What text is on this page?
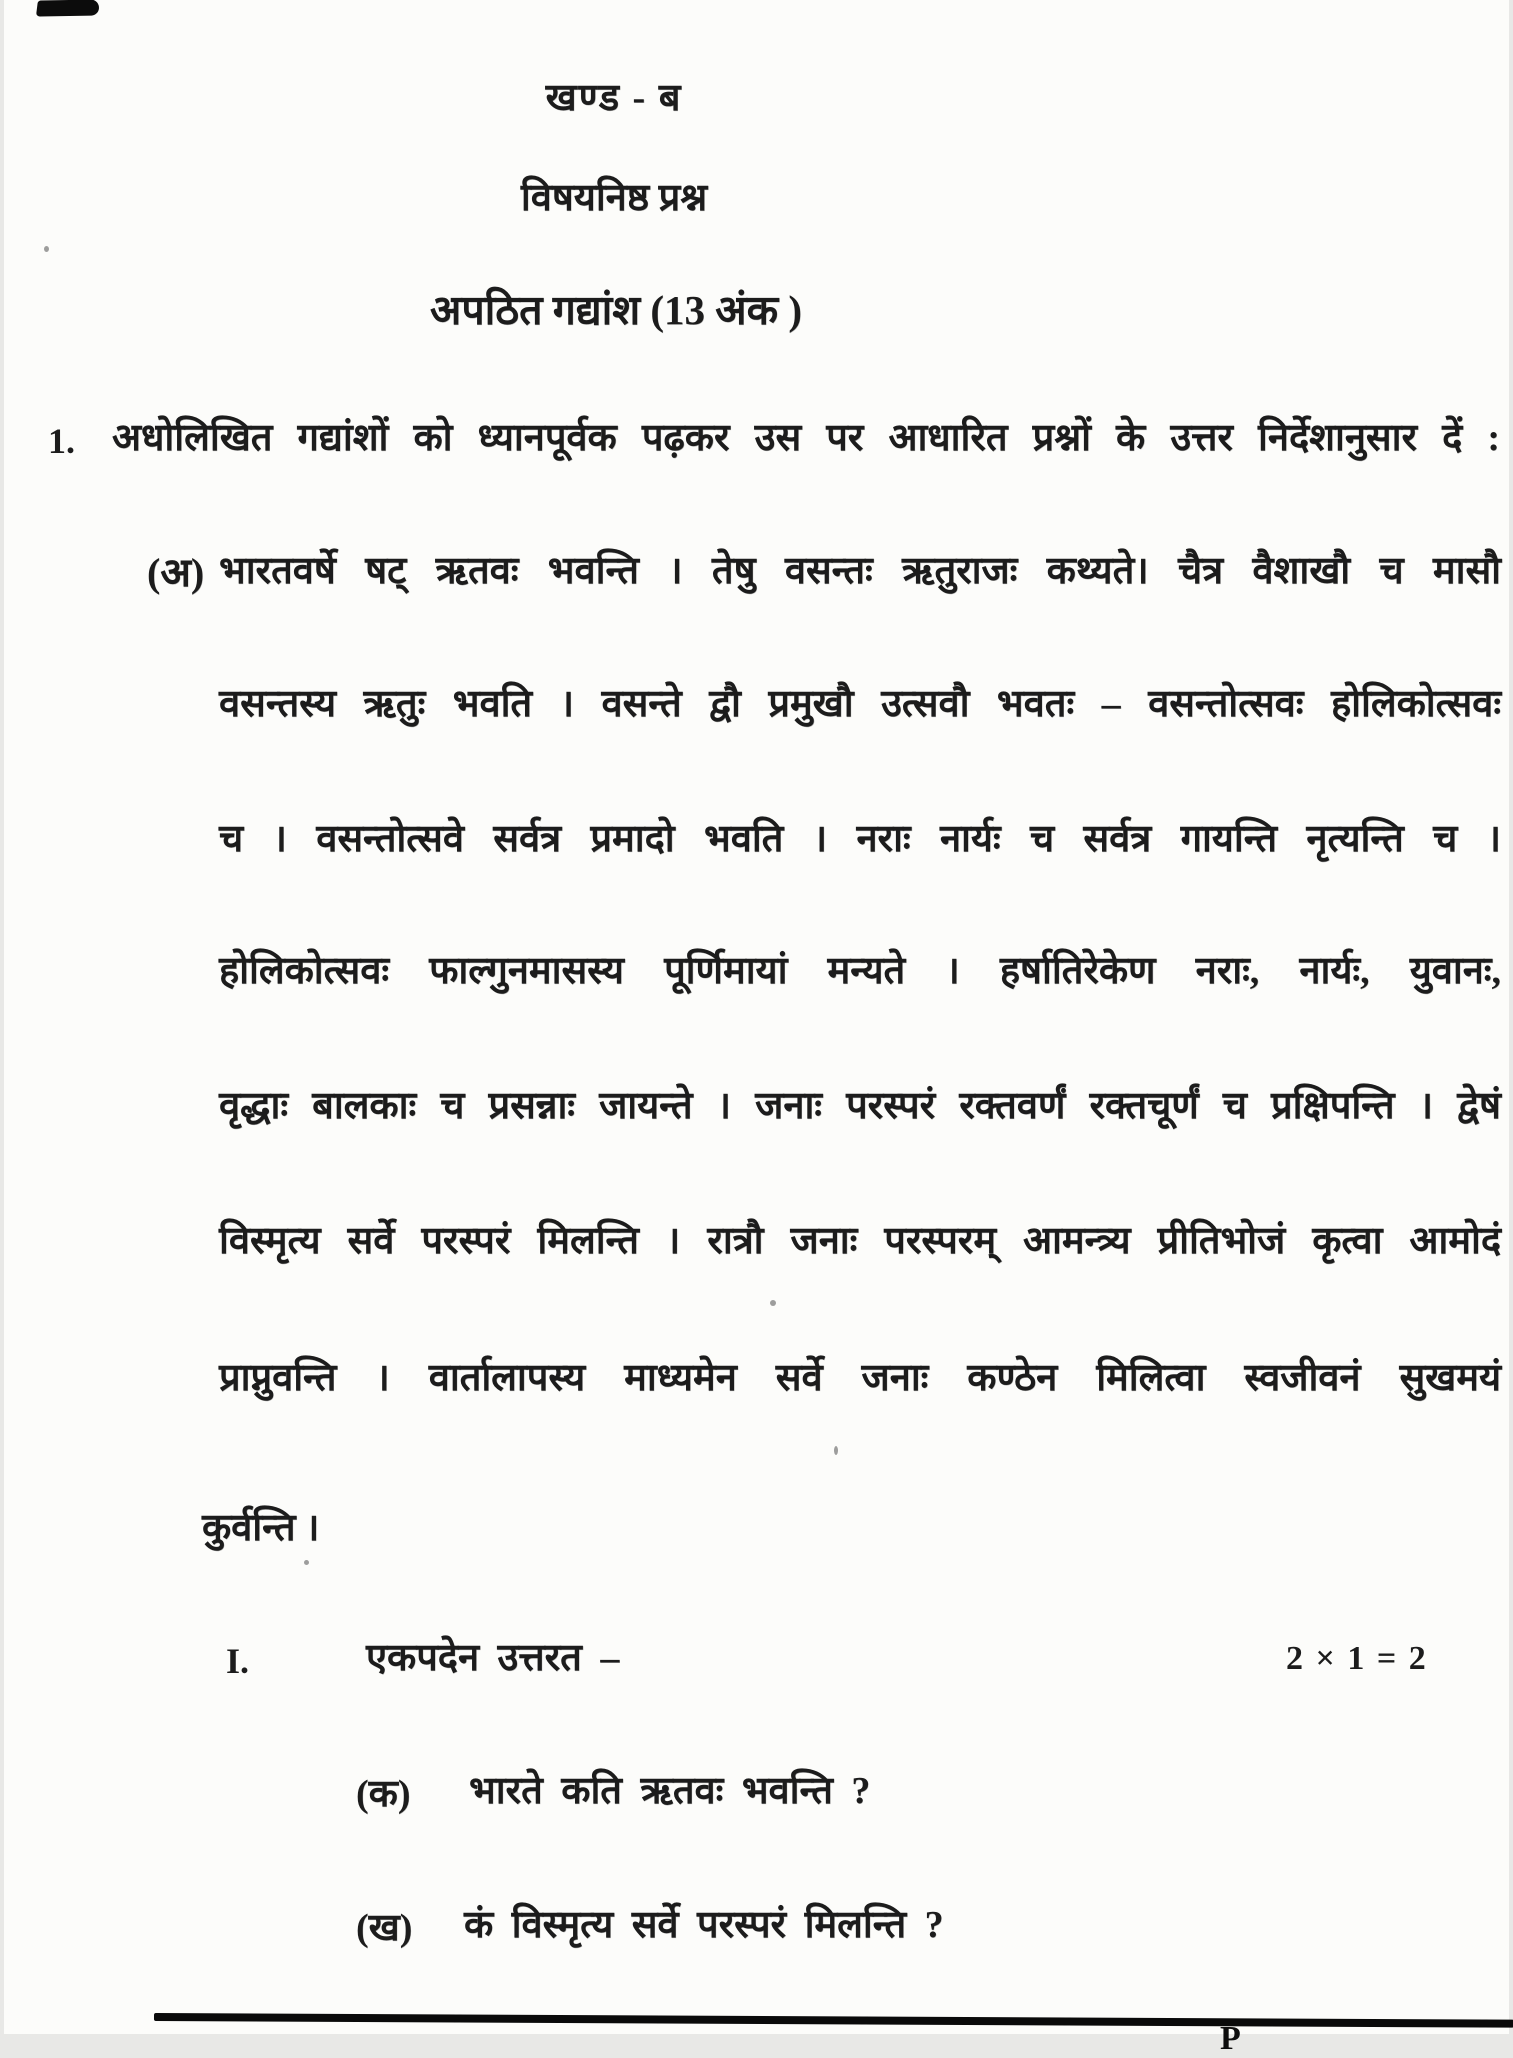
खण्ड - ब
विषयनिष्ठ प्रश्न
अपठित गद्यांश (13 अंक )
1. अधोलिखित गद्यांशों को ध्यानपूर्वक पढ़कर उस पर आधारित प्रश्नों के उत्तर निर्देशानुसार दें :
(अ) भारतवर्षे षट् ऋतवः भवन्ति । तेषु वसन्तः ऋतुराजः कथ्यते। चैत्र वैशाखौ च मासौ
वसन्तस्य ऋतुः भवति । वसन्ते द्वौ प्रमुखौ उत्सवौ भवतः – वसन्तोत्सवः होलिकोत्सवः
च । वसन्तोत्सवे सर्वत्र प्रमादो भवति । नराः नार्यः च सर्वत्र गायन्ति नृत्यन्ति च ।
होलिकोत्सवः फाल्गुनमासस्य पूर्णिमायां मन्यते । हर्षातिरेकेण नराः, नार्यः, युवानः,
वृद्धाः बालकाः च प्रसन्नाः जायन्ते । जनाः परस्परं रक्तवर्णं रक्तचूर्णं च प्रक्षिपन्ति । द्वेषं
विस्मृत्य सर्वे परस्परं मिलन्ति । रात्रौ जनाः परस्परम् आमन्त्र्य प्रीतिभोजं कृत्वा आमोदं
प्राप्नुवन्ति । वार्तालापस्य माध्यमेन सर्वे जनाः कण्ठेन मिलित्वा स्वजीवनं सुखमयं
कुर्वन्ति ।
I.	एकपदेन उत्तरत –	2 × 1 = 2
(क) भारते कति ऋतवः भवन्ति ?
(ख) कं विस्मृत्य सर्वे परस्परं मिलन्ति ?
P
